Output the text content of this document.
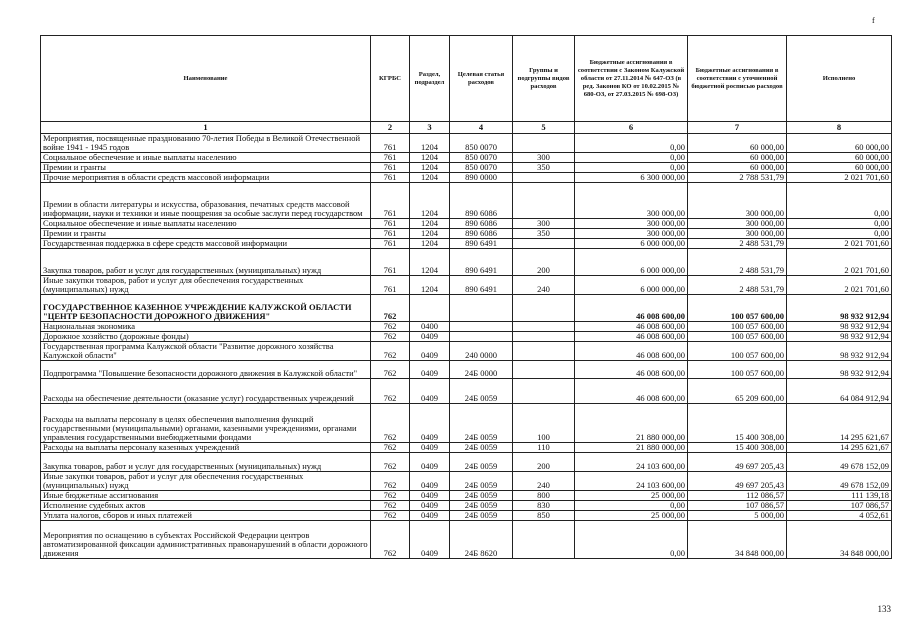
f
Наименование	КГРБС	Раздел, подраздел	Целевая статья расходов	Группы и подгруппы видов расходов	Бюджетные ассигнования в соответствии с Законом Калужской области от 27.11.2014 № 647-ОЗ (в ред. Законов КО от 10.02.2015 № 680-ОЗ, от 27.03.2015 № 698-ОЗ)	Бюджетные ассигнования в соответствии с уточненной бюджетной росписью расходов	Исполнено
1	2	3	4	5	6	7	8
Мероприятия, посвященные празднованию 70-летия Победы в Великой Отечественной войне 1941 - 1945 годов	761	1204	850 0070		0,00	60 000,00	60 000,00
Социальное обеспечение и иные выплаты населению	761	1204	850 0070	300	0,00	60 000,00	60 000,00
Премии и гранты	761	1204	850 0070	350	0,00	60 000,00	60 000,00
Прочие мероприятия в области средств массовой информации	761	1204	890 0000		6 300 000,00	2 788 531,79	2 021 701,60
Премии в области литературы и искусства, образования, печатных средств массовой информации, науки и техники и иные поощрения за особые заслуги перед государством	761	1204	890 6086		300 000,00	300 000,00	0,00
Социальное обеспечение и иные выплаты населению	761	1204	890 6086	300	300 000,00	300 000,00	0,00
Премии и гранты	761	1204	890 6086	350	300 000,00	300 000,00	0,00
Государственная поддержка в сфере средств массовой информации	761	1204	890 6491		6 000 000,00	2 488 531,79	2 021 701,60
Закупка товаров, работ и услуг для государственных (муниципальных) нужд	761	1204	890 6491	200	6 000 000,00	2 488 531,79	2 021 701,60
Иные закупки товаров, работ и услуг для обеспечения государственных (муниципальных) нужд	761	1204	890 6491	240	6 000 000,00	2 488 531,79	2 021 701,60
ГОСУДАРСТВЕННОЕ КАЗЕННОЕ УЧРЕЖДЕНИЕ КАЛУЖСКОЙ ОБЛАСТИ "ЦЕНТР БЕЗОПАСНОСТИ ДОРОЖНОГО ДВИЖЕНИЯ"	762				46 008 600,00	100 057 600,00	98 932 912,94
Национальная экономика	762	0400			46 008 600,00	100 057 600,00	98 932 912,94
Дорожное хозяйство (дорожные фонды)	762	0409			46 008 600,00	100 057 600,00	98 932 912,94
Государственная программа Калужской области "Развитие дорожного хозяйства Калужской области"	762	0409	240 0000		46 008 600,00	100 057 600,00	98 932 912,94
Подпрограмма "Повышение безопасности дорожного движения в Калужской области"	762	0409	24Б 0000		46 008 600,00	100 057 600,00	98 932 912,94
Расходы на обеспечение деятельности (оказание услуг) государственных учреждений	762	0409	24Б 0059		46 008 600,00	65 209 600,00	64 084 912,94
Расходы на выплаты персоналу в целях обеспечения выполнения функций государственными (муниципальными) органами, казенными учреждениями, органами управления государственными внебюджетными фондами	762	0409	24Б 0059	100	21 880 000,00	15 400 308,00	14 295 621,67
Расходы на выплаты персоналу казенных учреждений	762	0409	24Б 0059	110	21 880 000,00	15 400 308,00	14 295 621,67
Закупка товаров, работ и услуг для государственных (муниципальных) нужд	762	0409	24Б 0059	200	24 103 600,00	49 697 205,43	49 678 152,09
Иные закупки товаров, работ и услуг для обеспечения государственных (муниципальных) нужд	762	0409	24Б 0059	240	24 103 600,00	49 697 205,43	49 678 152,09
Иные бюджетные ассигнования	762	0409	24Б 0059	800	25 000,00	112 086,57	111 139,18
Исполнение судебных актов	762	0409	24Б 0059	830	0,00	107 086,57	107 086,57
Уплата налогов, сборов и иных платежей	762	0409	24Б 0059	850	25 000,00	5 000,00	4 052,61
Мероприятия по оснащению в субъектах Российской Федерации центров автоматизированной фиксации административных правонарушений в области дорожного движения	762	0409	24Б 8620		0,00	34 848 000,00	34 848 000,00
133
